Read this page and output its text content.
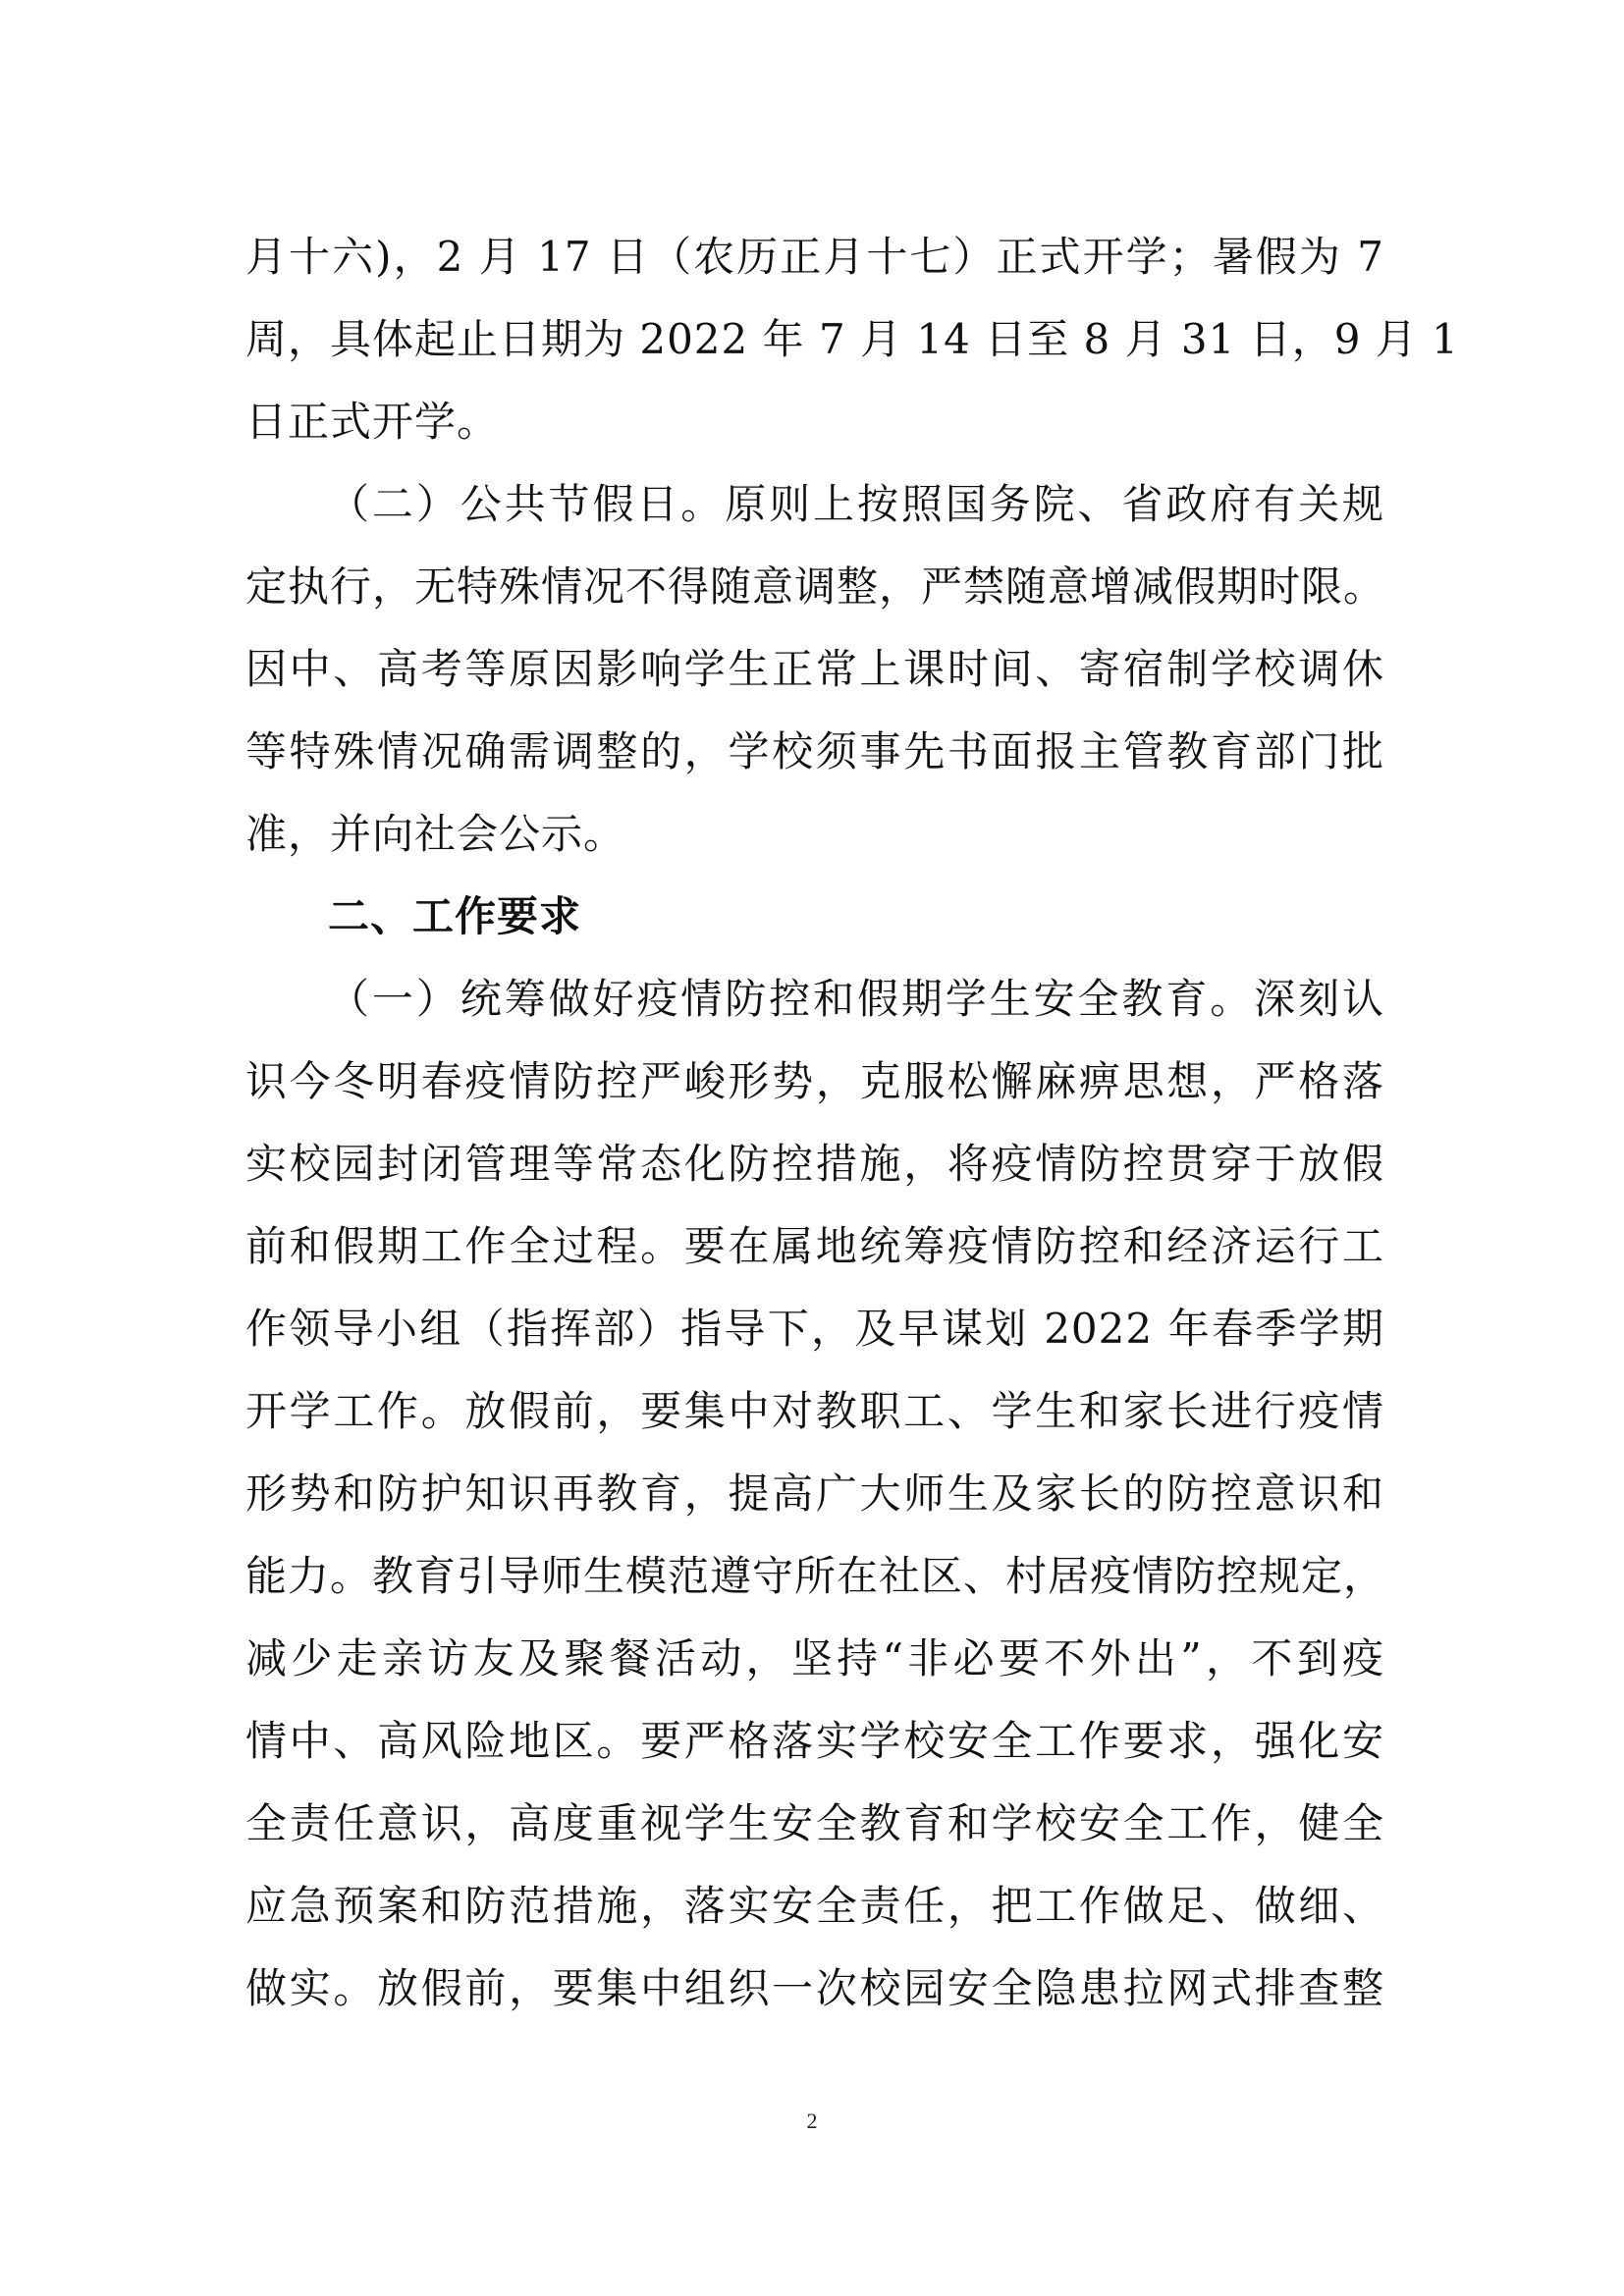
月十六)，2 月 17 日（农历正月十七）正式开学；暑假为 7
周，具体起止日期为 2022 年 7 月 14 日至 8 月 31 日，9 月 1
日正式开学。
（二）公共节假日。原则上按照国务院、省政府有关规
定执行，无特殊情况不得随意调整，严禁随意增减假期时限。
因中、高考等原因影响学生正常上课时间、寄宿制学校调休
等特殊情况确需调整的，学校须事先书面报主管教育部门批
准，并向社会公示。
二、工作要求
（一）统筹做好疫情防控和假期学生安全教育。深刻认
识今冬明春疫情防控严峻形势，克服松懈麻痹思想，严格落
实校园封闭管理等常态化防控措施，将疫情防控贯穿于放假
前和假期工作全过程。要在属地统筹疫情防控和经济运行工
作领导小组（指挥部）指导下，及早谋划 2022 年春季学期
开学工作。放假前，要集中对教职工、学生和家长进行疫情
形势和防护知识再教育，提高广大师生及家长的防控意识和
能力。教育引导师生模范遵守所在社区、村居疫情防控规定，
减少走亲访友及聚餐活动，坚持“非必要不外出”，不到疫
情中、高风险地区。要严格落实学校安全工作要求，强化安
全责任意识，高度重视学生安全教育和学校安全工作，健全
应急预案和防范措施，落实安全责任，把工作做足、做细、
做实。放假前，要集中组织一次校园安全隐患拉网式排查整
2
